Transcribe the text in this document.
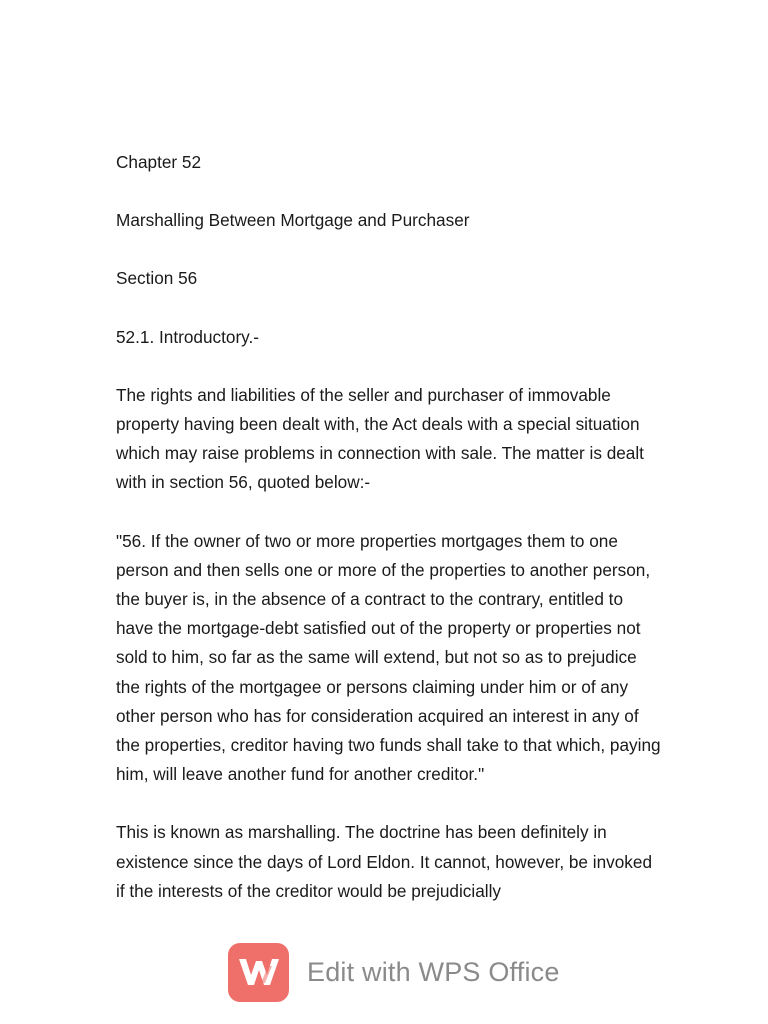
Chapter 52

Marshalling Between Mortgage and Purchaser

Section 56

52.1. Introductory.-

The rights and liabilities of the seller and purchaser of immovable property having been dealt with, the Act deals with a special situation which may raise problems in connection with sale. The matter is dealt with in section 56, quoted below:-

"56. If the owner of two or more properties mortgages them to one person and then sells one or more of the properties to another person, the buyer is, in the absence of a contract to the contrary, entitled to have the mortgage-debt satisfied out of the property or properties not sold to him, so far as the same will extend, but not so as to prejudice the rights of the mortgagee or persons claiming under him or of any other person who has for consideration acquired an interest in any of the properties, creditor having two funds shall take to that which, paying him, will leave another fund for another creditor."

This is known as marshalling. The doctrine has been definitely in existence since the days of Lord Eldon. It cannot, however, be invoked if the interests of the creditor would be prejudicially

Edit with WPS Office
